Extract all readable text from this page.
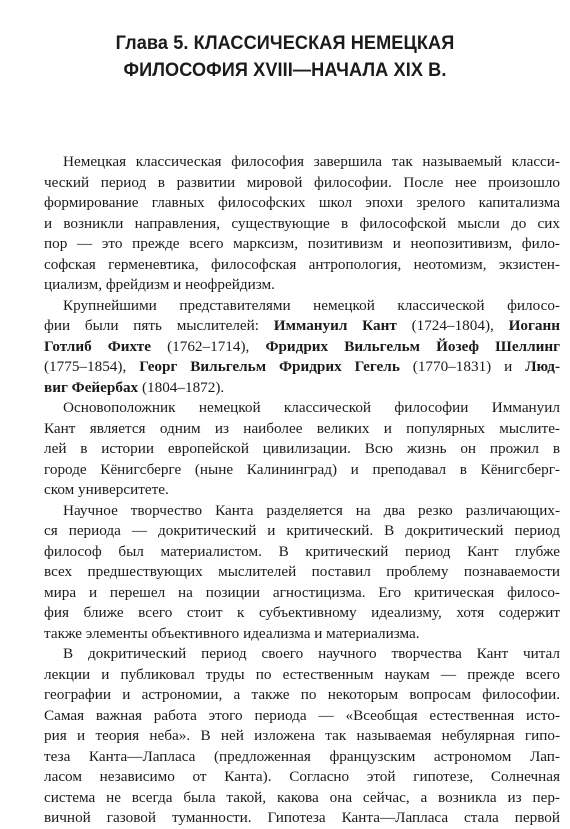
Глава 5. КЛАССИЧЕСКАЯ НЕМЕЦКАЯ
ФИЛОСОФИЯ XVIII—НАЧАЛА XIX В.
Немецкая классическая философия завершила так называемый класси-
ческий период в развитии мировой философии. После нее произошло
формирование главных философских школ эпохи зрелого капитализма
и возникли направления, существующие в философской мысли до сих
пор — это прежде всего марксизм, позитивизм и неопозитивизм, фило-
софская герменевтика, философская антропология, неотомизм, экзистен-
циализм, фрейдизм и неофрейдизм.
Крупнейшими представителями немецкой классической филосо-
фии были пять мыслителей: Иммануил Кант (1724–1804), Иоганн
Готлиб Фихте (1762–1714), Фридрих Вильгельм Йозеф Шеллинг
(1775–1854), Георг Вильгельм Фридрих Гегель (1770–1831) и Люд-
виг Фейербах (1804–1872).
Основоположник немецкой классической философии Иммануил
Кант является одним из наиболее великих и популярных мыслите-
лей в истории европейской цивилизации. Всю жизнь он прожил в
городе Кёнигсберге (ныне Калининград) и преподавал в Кёнигсберг-
ском университете.
Научное творчество Канта разделяется на два резко различающих-
ся периода — докритический и критический. В докритический период
философ был материалистом. В критический период Кант глубже
всех предшествующих мыслителей поставил проблему познаваемости
мира и перешел на позиции агностицизма. Его критическая филосо-
фия ближе всего стоит к субъективному идеализму, хотя содержит
также элементы объективного идеализма и материализма.
В докритический период своего научного творчества Кант читал
лекции и публиковал труды по естественным наукам — прежде всего
географии и астрономии, а также по некоторым вопросам философии.
Самая важная работа этого периода — «Всеобщая естественная исто-
рия и теория неба». В ней изложена так называемая небулярная гипо-
теза Канта—Лапласа (предложенная французским астрономом Лап-
ласом независимо от Канта). Согласно этой гипотезе, Солнечная
система не всегда была такой, какова она сейчас, а возникла из пер-
вичной газовой туманности. Гипотеза Канта—Лапласа стала первой
